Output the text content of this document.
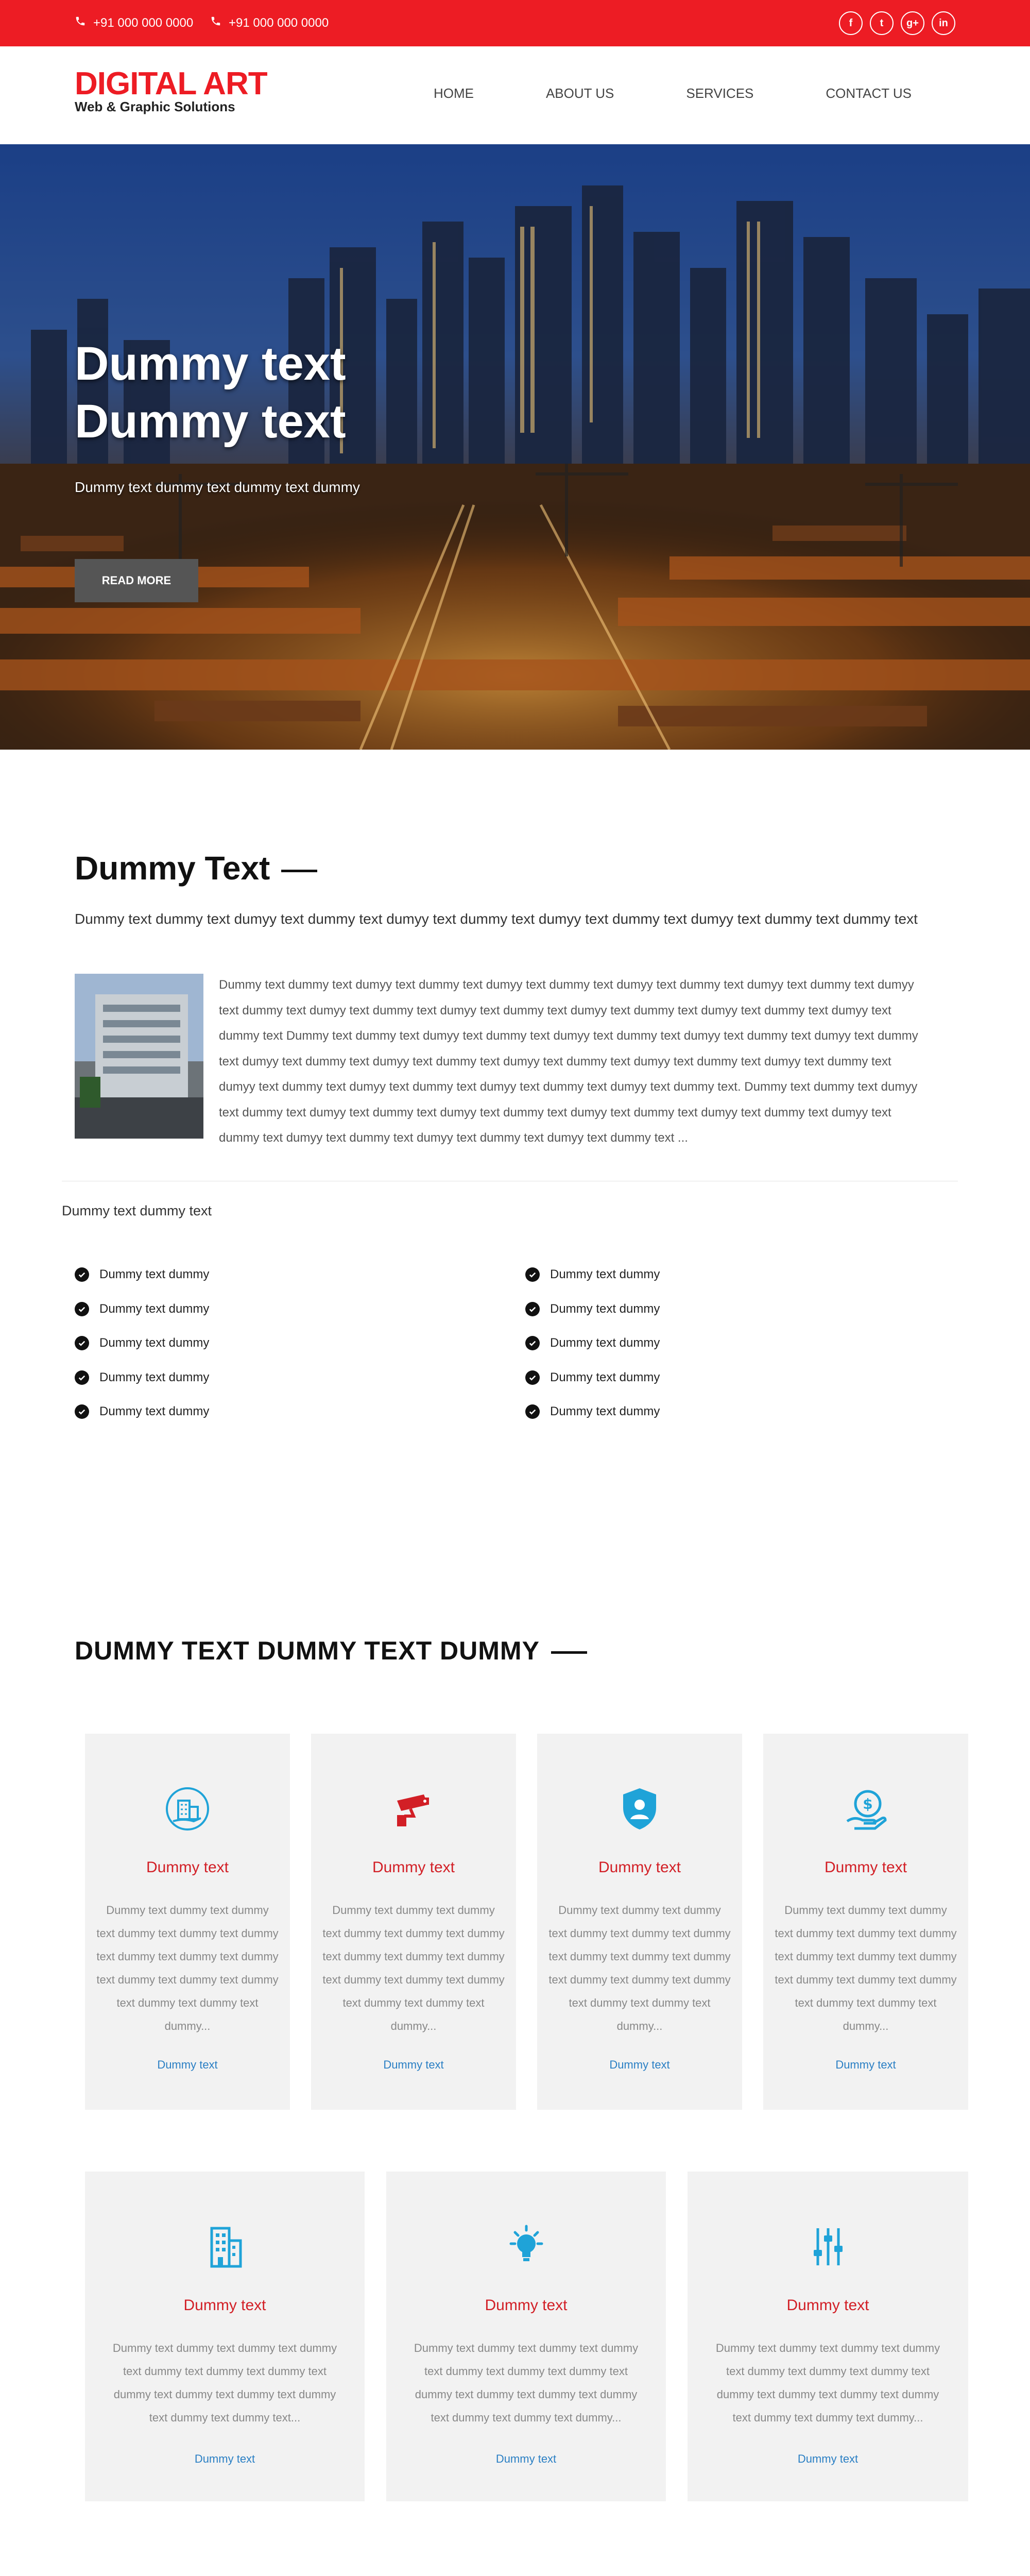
+91 000 000 0000	+91 000 000 0000	f	t	g+	in
DIGITAL ART
Web & Graphic Solutions
HOME	ABOUT US	SERVICES	CONTACT US
Dummy text
Dummy text
Dummy text dummy text dummy text dummy
READ MORE
Dummy Text
Dummy text dummy text dumyy text dummy text dumyy text dummy text dumyy text dummy text dumyy text dummy text dummy text
Dummy text dummy text dumyy text dummy text dumyy text dummy text dumyy text dummy text dumyy text dummy text dumyy text dummy text dumyy text dummy text dumyy text dummy text dumyy text dummy text dumyy text dummy text dumyy text dummy text Dummy text dummy text dumyy text dummy text dumyy text dummy text dumyy text dummy text dumyy text dummy text dumyy text dummy text dumyy text dummy text dumyy text dummy text dumyy text dummy text dumyy text dummy text dumyy text dummy text dumyy text dummy text dumyy text dummy text dumyy text dummy text. Dummy text dummy text dumyy text dummy text dumyy text dummy text dumyy text dummy text dumyy text dummy text dumyy text dummy text dumyy text dummy text dumyy text dummy text dumyy text dummy text dumyy text dummy text ...
Dummy text dummy text
Dummy text dummy
Dummy text dummy
Dummy text dummy
Dummy text dummy
Dummy text dummy
Dummy text dummy
Dummy text dummy
Dummy text dummy
Dummy text dummy
Dummy text dummy
DUMMY TEXT DUMMY TEXT DUMMY
Dummy text
Dummy text dummy text dummy text dummy text dummy text dummy text dummy text dummy text dummy text dummy text dummy text dummy text dummy text dummy text dummy...
Dummy text
Dummy text
Dummy text dummy text dummy text dummy text dummy text dummy text dummy text dummy text dummy text dummy text dummy text dummy text dummy text dummy text dummy...
Dummy text
Dummy text
Dummy text dummy text dummy text dummy text dummy text dummy text dummy text dummy text dummy text dummy text dummy text dummy text dummy text dummy text dummy...
Dummy text
$
Dummy text
Dummy text dummy text dummy text dummy text dummy text dummy text dummy text dummy text dummy text dummy text dummy text dummy text dummy text dummy text dummy...
Dummy text
Dummy text
Dummy text dummy text dummy text dummy text dummy text dummy text dummy text dummy text dummy text dummy text dummy text dummy text dummy text...
Dummy text
Dummy text
Dummy text dummy text dummy text dummy text dummy text dummy text dummy text dummy text dummy text dummy text dummy text dummy text dummy text dummy...
Dummy text
Dummy text
Dummy text dummy text dummy text dummy text dummy text dummy text dummy text dummy text dummy text dummy text dummy text dummy text dummy text dummy...
Dummy text
